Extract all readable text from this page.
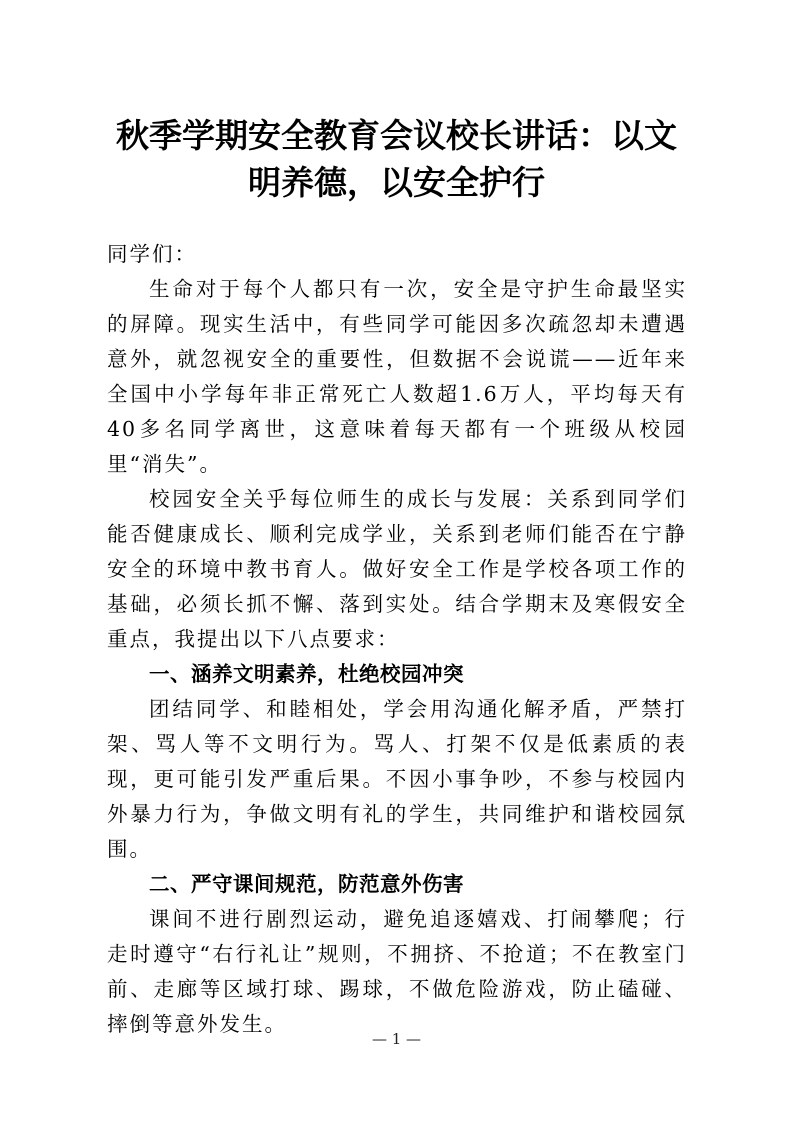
秋季学期安全教育会议校长讲话：以文明养德，以安全护行

同学们：

生命对于每个人都只有一次，安全是守护生命最坚实的屏障。现实生活中，有些同学可能因多次疏忽却未遭遇意外，就忽视安全的重要性，但数据不会说谎——近年来全国中小学每年非正常死亡人数超1.6万人，平均每天有40多名同学离世，这意味着每天都有一个班级从校园里“消失”。

校园安全关乎每位师生的成长与发展：关系到同学们能否健康成长、顺利完成学业，关系到老师们能否在宁静安全的环境中教书育人。做好安全工作是学校各项工作的基础，必须长抓不懈、落到实处。结合学期末及寒假安全重点，我提出以下八点要求：

一、涵养文明素养，杜绝校园冲突

团结同学、和睦相处，学会用沟通化解矛盾，严禁打架、骂人等不文明行为。骂人、打架不仅是低素质的表现，更可能引发严重后果。不因小事争吵，不参与校园内外暴力行为，争做文明有礼的学生，共同维护和谐校园氛围。

二、严守课间规范，防范意外伤害

课间不进行剧烈运动，避免追逐嬉戏、打闹攀爬；行走时遵守“右行礼让”规则，不拥挤、不抢道；不在教室门前、走廊等区域打球、踢球，不做危险游戏，防止磕碰、摔倒等意外发生。

— 1 —
